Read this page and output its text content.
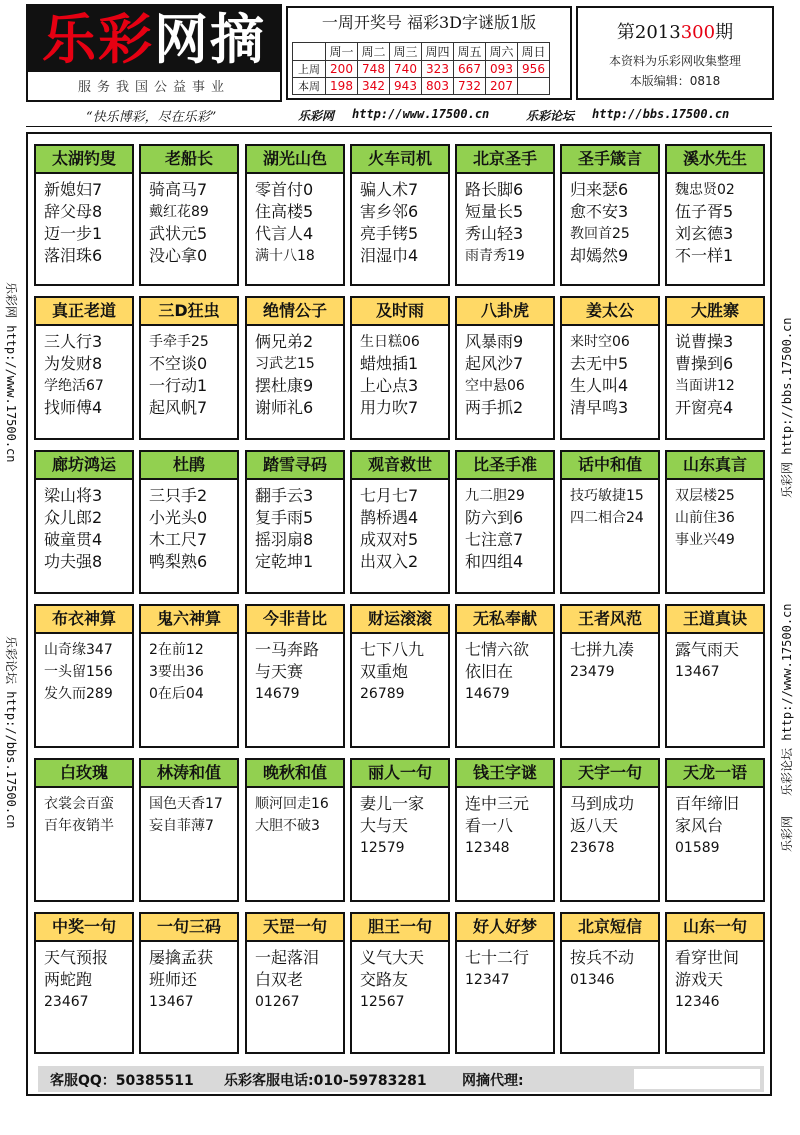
乐彩网摘
服务我国公益事业
一周开奖号 福彩3D字谜版1版
	周一	周二	周三	周四	周五	周六	周日
上周	200	748	740	323	667	093	956
本周	198	342	943	803	732	207	
第2013300期
本资料为乐彩网收集整理
本版编辑：0818
“快乐博彩，尽在乐彩”	乐彩网 http://www.17500.cn	乐彩论坛 http://bbs.17500.cn
乐彩网 http://www.17500.cn
乐彩论坛 http://bbs.17500.cn
乐彩网 http://bbs.17500.cn
乐彩论坛 http://www.17500.cn
乐彩网
太湖钓叟
新媳妇7
辞父母8
迈一步1
落泪珠6
老船长
骑高马7
戴红花89
武状元5
没心拿0
湖光山色
零首付0
住高楼5
代言人4
满十八18
火车司机
骗人术7
害乡邻6
亮手铐5
泪湿巾4
北京圣手
路长脚6
短量长5
秀山轻3
雨青秀19
圣手箴言
归来瑟6
愈不安3
教回首25
却嫣然9
溪水先生
魏忠贤02
伍子胥5
刘玄德3
不一样1
真正老道
三人行3
为发财8
学绝活67
找师傅4
三D狂虫
手牵手25
不空谈0
一行动1
起风帆7
绝情公子
俩兄弟2
习武艺15
摆杜康9
谢师礼6
及时雨
生日糕06
蜡烛插1
上心点3
用力吹7
八卦虎
风暴雨9
起风沙7
空中悬06
两手抓2
姜太公
来时空06
去无中5
生人叫4
清早鸣3
大胜寨
说曹操3
曹操到6
当面讲12
开窗亮4
廊坊鸿运
梁山将3
众儿郎2
破童贯4
功夫强8
杜鹃
三只手2
小光头0
木工尺7
鸭梨熟6
踏雪寻码
翻手云3
复手雨5
摇羽扇8
定乾坤1
观音救世
七月七7
鹊桥遇4
成双对5
出双入2
比圣手准
九二胆29
防六到6
七注意7
和四组4
话中和值
技巧敏捷15
四二相合24
山东真言
双层楼25
山前住36
事业兴49
布衣神算
山奇缘347
一头留156
发久而289
鬼六神算
2在前12
3要出36
0在后04
今非昔比
一马奔路
与天赛
14679
财运滚滚
七下八九
双重炮
26789
无私奉献
七情六欲
依旧在
14679
王者风范
七拼九凑
23479
王道真诀
露气雨天
13467
白玫瑰
衣裳会百蛮
百年夜销半
林涛和值
国色天香17
妄自菲薄7
晚秋和值
顺河回走16
大胆不破3
丽人一句
妻儿一家
大与天
12579
钱王字谜
连中三元
看一八
12348
天宇一句
马到成功
返八天
23678
天龙一语
百年缔旧
家风台
01589
中奖一句
天气预报
两蛇跑
23467
一句三码
屡擒孟获
班师还
13467
天罡一句
一起落泪
白双老
01267
胆王一句
义气大天
交路友
12567
好人好梦
七十二行
12347
北京短信
按兵不动
01346
山东一句
看穿世间
游戏天
12346
客服QQ：50385511 乐彩客服电话:010-59783281	网摘代理:
